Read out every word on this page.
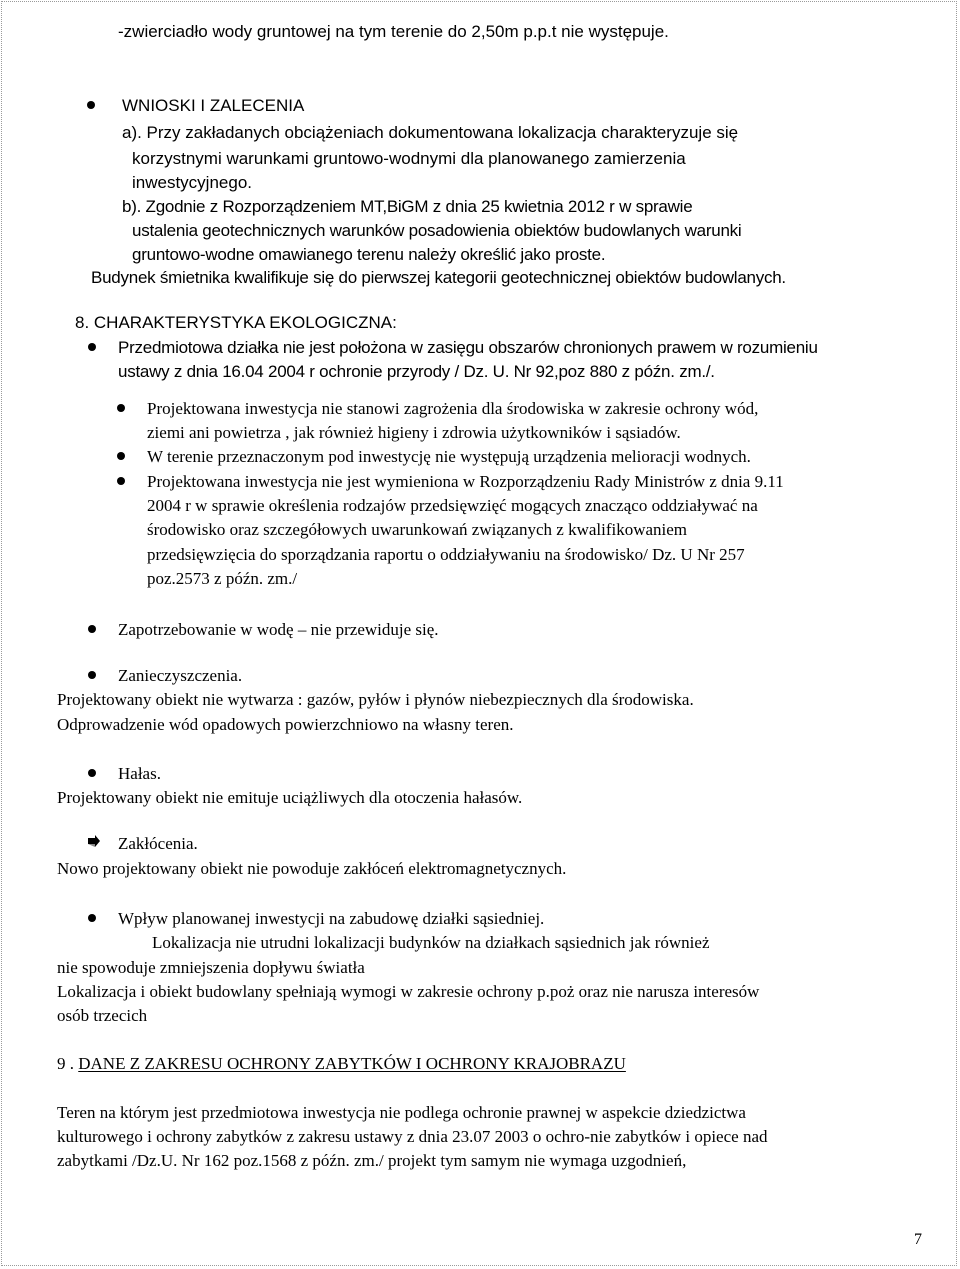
-zwierciadło wody gruntowej na tym terenie do 2,50m p.p.t nie występuje.
WNIOSKI I ZALECENIA
a). Przy zakładanych obciążeniach dokumentowana lokalizacja charakteryzuje się
korzystnymi warunkami gruntowo-wodnymi dla planowanego zamierzenia
inwestycyjnego.
b). Zgodnie z Rozporządzeniem MT,BiGM z dnia 25 kwietnia 2012 r w sprawie
ustalenia geotechnicznych warunków posadowienia obiektów budowlanych warunki
gruntowo-wodne omawianego terenu należy określić jako proste.
Budynek śmietnika kwalifikuje się do pierwszej kategorii geotechnicznej obiektów budowlanych.
8. CHARAKTERYSTYKA EKOLOGICZNA:
Przedmiotowa działka nie jest położona w zasięgu obszarów chronionych prawem w rozumieniu
ustawy z dnia 16.04 2004 r ochronie przyrody / Dz. U. Nr 92,poz 880 z późn. zm./.
Projektowana inwestycja nie stanowi zagrożenia dla środowiska w zakresie ochrony wód,
ziemi ani powietrza , jak również higieny i zdrowia użytkowników i sąsiadów.
W terenie przeznaczonym pod inwestycję nie występują urządzenia melioracji wodnych.
Projektowana inwestycja nie jest wymieniona w Rozporządzeniu Rady Ministrów z dnia 9.11
2004 r w sprawie określenia rodzajów przedsięwzięć mogących znacząco oddziaływać na
środowisko oraz szczegółowych uwarunkowań związanych z kwalifikowaniem
przedsięwzięcia do sporządzania raportu o oddziaływaniu na środowisko/ Dz. U Nr 257
poz.2573 z późn. zm./
Zapotrzebowanie w wodę – nie przewiduje się.
Zanieczyszczenia.
Projektowany obiekt nie wytwarza : gazów, pyłów i płynów niebezpiecznych dla środowiska.
Odprowadzenie wód opadowych powierzchniowo na własny teren.
Hałas.
Projektowany obiekt nie emituje uciążliwych dla otoczenia hałasów.
Zakłócenia.
Nowo projektowany obiekt nie powoduje zakłóceń elektromagnetycznych.
Wpływ planowanej inwestycji na zabudowę działki sąsiedniej.
Lokalizacja nie utrudni lokalizacji budynków na działkach sąsiednich jak również
nie spowoduje zmniejszenia dopływu światła
Lokalizacja i obiekt budowlany spełniają wymogi w zakresie ochrony p.poż oraz nie narusza interesów
osób trzecich
9 . DANE Z ZAKRESU OCHRONY ZABYTKÓW I OCHRONY KRAJOBRAZU
Teren na którym jest przedmiotowa inwestycja nie podlega ochronie prawnej w aspekcie dziedzictwa
kulturowego i ochrony zabytków z zakresu ustawy z dnia 23.07 2003 o ochro-nie zabytków i opiece nad
zabytkami /Dz.U. Nr 162 poz.1568 z późn. zm./ projekt tym samym nie wymaga uzgodnień,
7
